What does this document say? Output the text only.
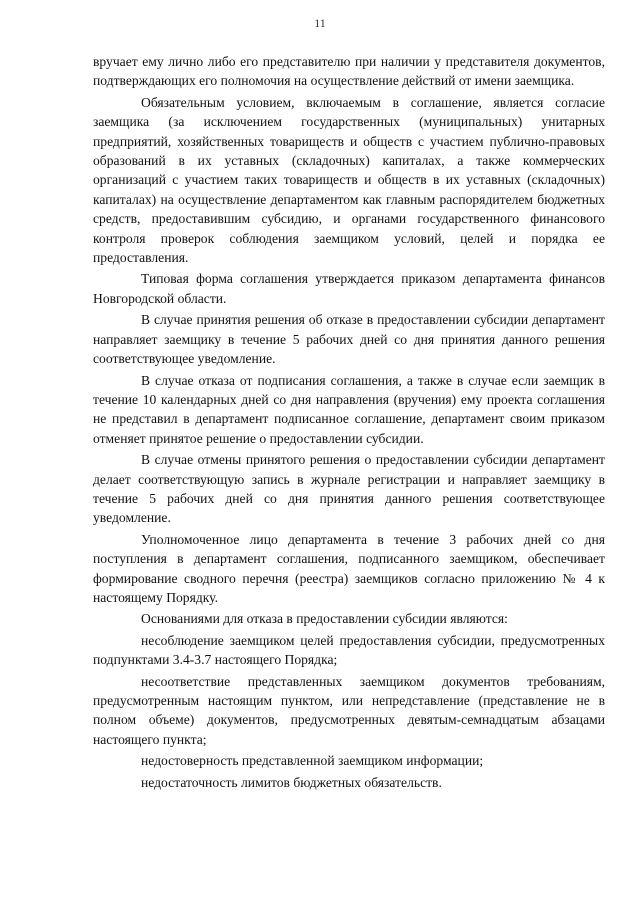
11

вручает ему лично либо его представителю при наличии у представителя документов, подтверждающих его полномочия на осуществление действий от имени заемщика.

Обязательным условием, включаемым в соглашение, является согласие заемщика (за исключением государственных (муниципальных) унитарных предприятий, хозяйственных товариществ и обществ с участием публично-правовых образований в их уставных (складочных) капиталах, а также коммерческих организаций с участием таких товариществ и обществ в их уставных (складочных) капиталах) на осуществление департаментом как главным распорядителем бюджетных средств, предоставившим субсидию, и органами государственного финансового контроля проверок соблюдения заемщиком условий, целей и порядка ее предоставления.

Типовая форма соглашения утверждается приказом департамента финансов Новгородской области.

В случае принятия решения об отказе в предоставлении субсидии департамент направляет заемщику в течение 5 рабочих дней со дня принятия данного решения соответствующее уведомление.

В случае отказа от подписания соглашения, а также в случае если заемщик в течение 10 календарных дней со дня направления (вручения) ему проекта соглашения не представил в департамент подписанное соглашение, департамент своим приказом отменяет принятое решение о предоставлении субсидии.

В случае отмены принятого решения о предоставлении субсидии департамент делает соответствующую запись в журнале регистрации и направляет заемщику в течение 5 рабочих дней со дня принятия данного решения соответствующее уведомление.

Уполномоченное лицо департамента в течение 3 рабочих дней со дня поступления в департамент соглашения, подписанного заемщиком, обеспечивает формирование сводного перечня (реестра) заемщиков согласно приложению № 4 к настоящему Порядку.

Основаниями для отказа в предоставлении субсидии являются:

несоблюдение заемщиком целей предоставления субсидии, предусмотренных подпунктами 3.4-3.7 настоящего Порядка;

несоответствие представленных заемщиком документов требованиям, предусмотренным настоящим пунктом, или непредставление (представление не в полном объеме) документов, предусмотренных девятым-семнадцатым абзацами настоящего пункта;

недостоверность представленной заемщиком информации;

недостаточность лимитов бюджетных обязательств.
